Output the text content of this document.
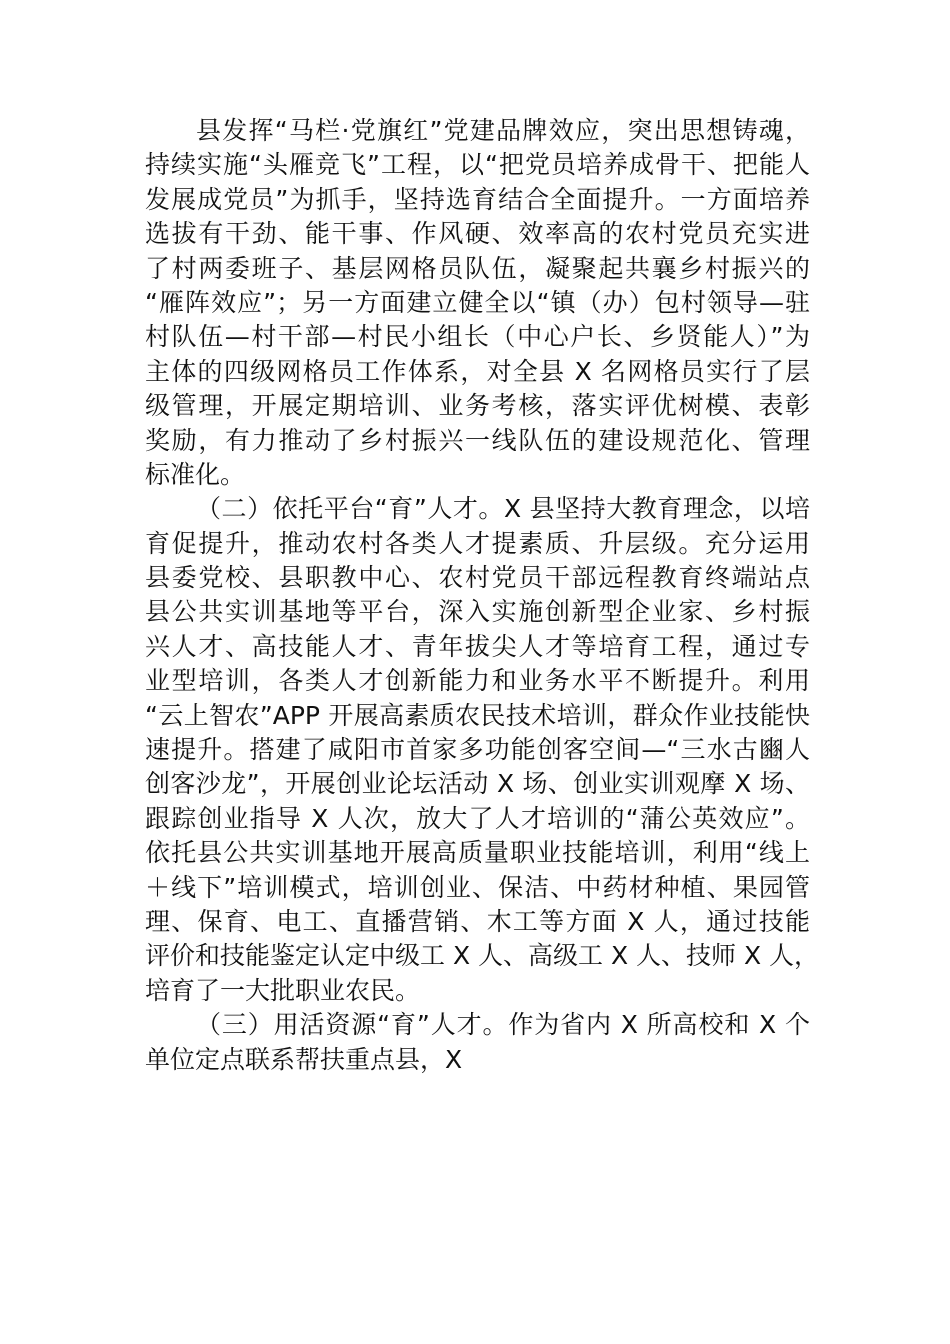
县发挥“马栏·党旗红”党建品牌效应，突出思想铸魂，
持续实施“头雁竞飞”工程，以“把党员培养成骨干、把能人
发展成党员”为抓手，坚持选育结合全面提升。一方面培养
选拔有干劲、能干事、作风硬、效率高的农村党员充实进
了村两委班子、基层网格员队伍，凝聚起共襄乡村振兴的
“雁阵效应”；另一方面建立健全以“镇（办）包村领导—驻
村队伍—村干部—村民小组长（中心户长、乡贤能人）”为
主体的四级网格员工作体系，对全县 X 名网格员实行了层
级管理，开展定期培训、业务考核，落实评优树模、表彰
奖励，有力推动了乡村振兴一线队伍的建设规范化、管理
标准化。
（二）依托平台“育”人才。X 县坚持大教育理念，以培
育促提升，推动农村各类人才提素质、升层级。充分运用
县委党校、县职教中心、农村党员干部远程教育终端站点
县公共实训基地等平台，深入实施创新型企业家、乡村振
兴人才、高技能人才、青年拔尖人才等培育工程，通过专
业型培训，各类人才创新能力和业务水平不断提升。利用
“云上智农”APP 开展高素质农民技术培训，群众作业技能快
速提升。搭建了咸阳市首家多功能创客空间—“三水古豳人
创客沙龙”，开展创业论坛活动 X 场、创业实训观摩 X 场、
跟踪创业指导 X 人次，放大了人才培训的“蒲公英效应”。
依托县公共实训基地开展高质量职业技能培训，利用“线上
＋线下”培训模式，培训创业、保洁、中药材种植、果园管
理、保育、电工、直播营销、木工等方面 X 人，通过技能
评价和技能鉴定认定中级工 X 人、高级工 X 人、技师 X 人，
培育了一大批职业农民。
（三）用活资源“育”人才。作为省内 X 所高校和 X 个
单位定点联系帮扶重点县，X
